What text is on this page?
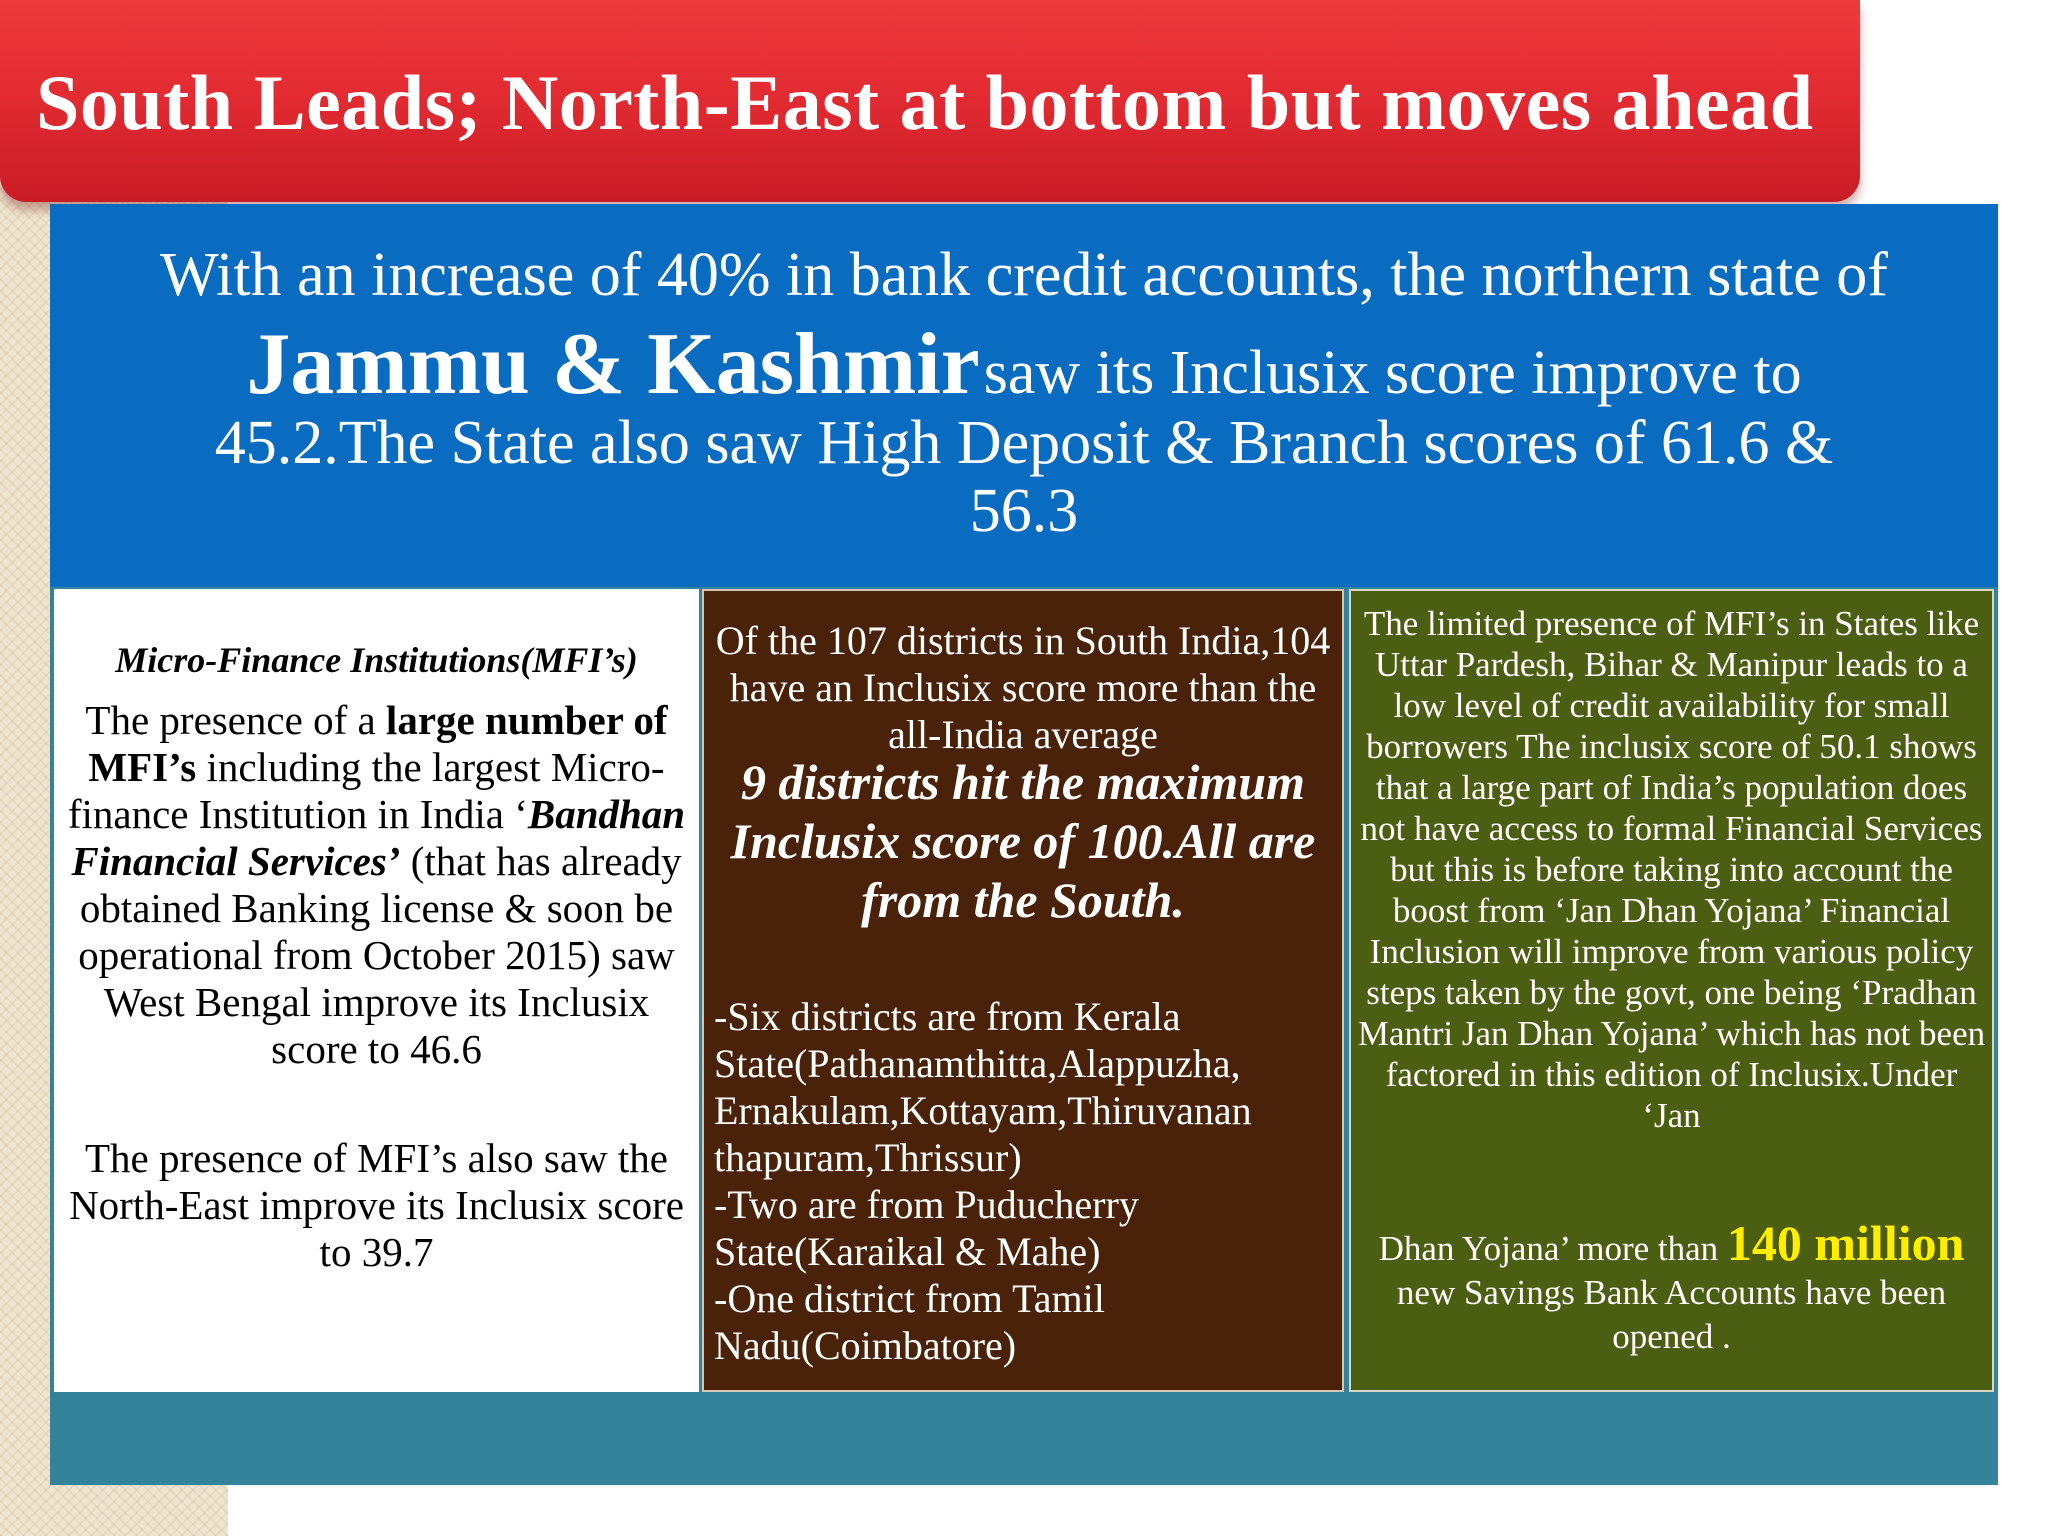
South Leads; North-East at bottom but moves ahead
With an increase of 40% in bank credit accounts, the northern state of
Jammu & Kashmir saw its Inclusix score improve to
45.2.The State also saw High Deposit & Branch scores of 61.6 &
56.3
Micro-Finance Institutions(MFI’s)
The presence of a large number of MFI’s including the largest Micro-finance Institution in India ‘Bandhan Financial Services’ (that has already obtained Banking license & soon be operational from October 2015) saw West Bengal improve its Inclusix score to 46.6
The presence of MFI’s also saw the North-East improve its Inclusix score to 39.7
Of the 107 districts in South India,104 have an Inclusix score more than the all-India average
9 districts hit the maximum Inclusix score of 100.All are from the South.
-Six districts are from Kerala
State(Pathanamthitta,Alappuzha,
Ernakulam,Kottayam,Thiruvanan
thapuram,Thrissur)
-Two are from Puducherry
State(Karaikal & Mahe)
-One district from Tamil
Nadu(Coimbatore)
The limited presence of MFI’s in States like Uttar Pardesh, Bihar & Manipur leads to a low level of credit availability for small borrowers The inclusix score of 50.1 shows that a large part of India’s population does not have access to formal Financial Services but this is before taking into account the boost from ‘Jan Dhan Yojana’ Financial Inclusion will improve from various policy steps taken by the govt, one being ‘Pradhan Mantri Jan Dhan Yojana’ which has not been factored in this edition of Inclusix.Under ‘Jan
Dhan Yojana’ more than 140 million new Savings Bank Accounts have been opened .
